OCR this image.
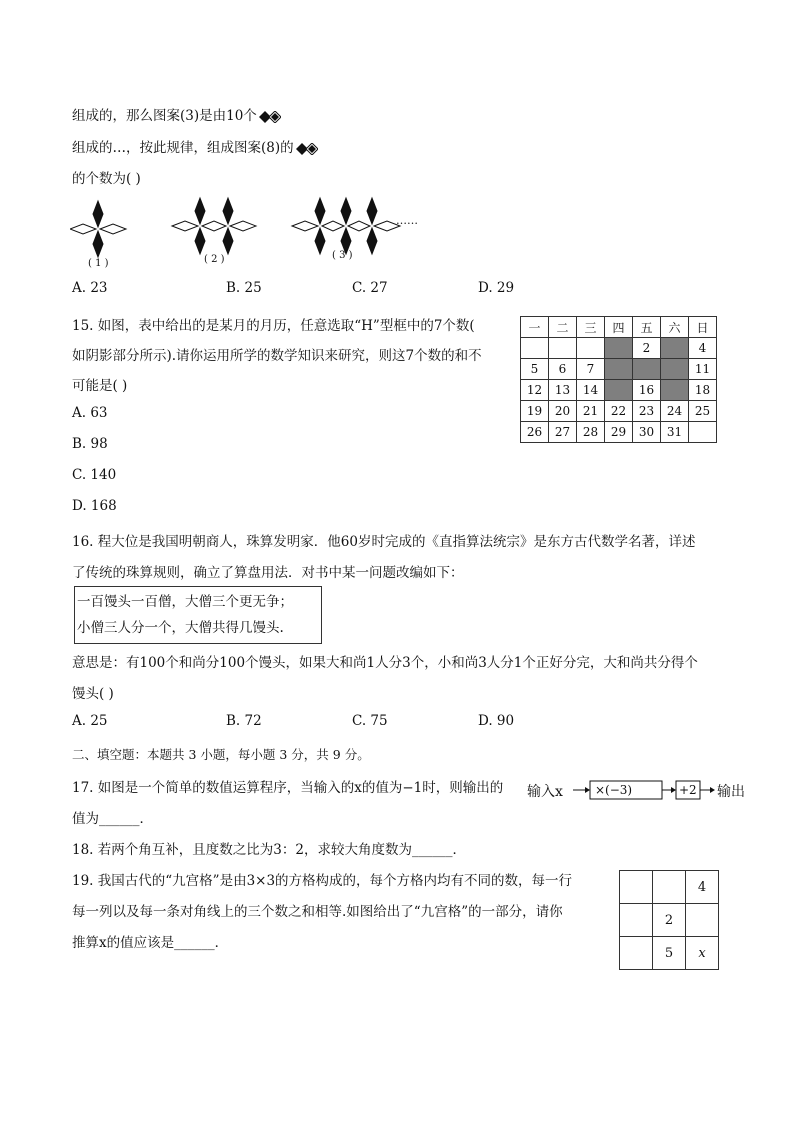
组成的，那么图案(3)是由10个
组成的…，按此规律，组成图案(8)的
的个数为( )
……
( 1 )	( 2 )	( 3 )
A. 23	B. 25	C. 27	D. 29
15. 如图，表中给出的是某月的月历，任意选取“H”型框中的7个数(
如阴影部分所示).请你运用所学的数学知识来研究，则这7个数的和不
可能是( )
A. 63
B. 98
C. 140
D. 168
一	二	三	四	五	六	日
				2		4
5	6	7				11
12	13	14		16		18
19	20	21	22	23	24	25
26	27	28	29	30	31	
16. 程大位是我国明朝商人，珠算发明家．他60岁时完成的《直指算法统宗》是东方古代数学名著，详述
了传统的珠算规则，确立了算盘用法．对书中某一问题改编如下：
一百馒头一百僧，大僧三个更无争；
小僧三人分一个，大僧共得几馒头.
意思是：有100个和尚分100个馒头，如果大和尚1人分3个，小和尚3人分1个正好分完，大和尚共分得个
馒头( )
A. 25	B. 72	C. 75	D. 90
二、填空题：本题共 3 小题，每小题 3 分，共 9 分。
17. 如图是一个简单的数值运算程序，当输入的x的值为−1时，则输出的
值为______．
输入x	×(−3)	+2 输出
18. 若两个角互补，且度数之比为3：2，求较大角度数为______．
19. 我国古代的“九宫格”是由3×3的方格构成的，每个方格内均有不同的数，每一行
每一列以及每一条对角线上的三个数之和相等.如图给出了“九宫格”的一部分，请你
推算x的值应该是______．
		4
	2	
	5	x
